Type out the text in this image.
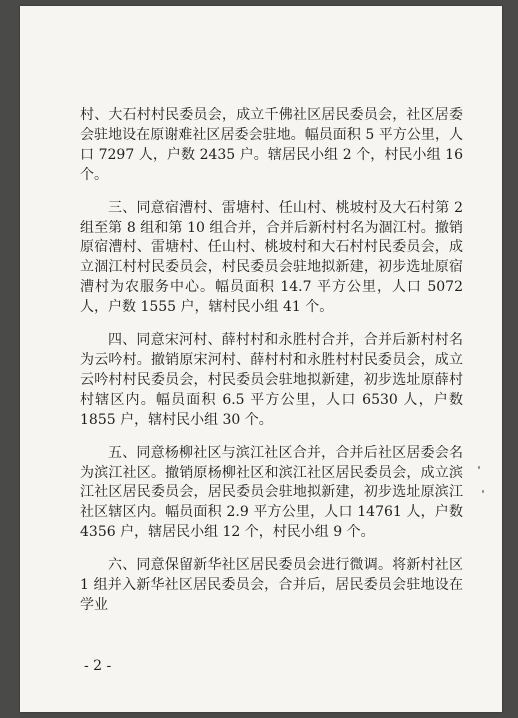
村、大石村村民委员会，成立千佛社区居民委员会，社区居委会驻地设在原谢难社区居委会驻地。幅员面积 5 平方公里，人口 7297 人，户数 2435 户。辖居民小组 2 个，村民小组 16 个。

三、同意宿漕村、雷塘村、任山村、桃坡村及大石村第 2 组至第 8 组和第 10 组合并，合并后新村村名为涸江村。撤销原宿漕村、雷塘村、任山村、桃坡村和大石村村民委员会，成立涸江村村民委员会，村民委员会驻地拟新建，初步选址原宿漕村为农服务中心。幅员面积 14.7 平方公里，人口 5072 人，户数 1555 户，辖村民小组 41 个。

四、同意宋河村、薛村村和永胜村合并，合并后新村村名为云吟村。撤销原宋河村、薛村村和永胜村村民委员会，成立云吟村村民委员会，村民委员会驻地拟新建，初步选址原薛村村辖区内。幅员面积 6.5 平方公里，人口 6530 人，户数 1855 户，辖村民小组 30 个。

五、同意杨柳社区与滨江社区合并，合并后社区居委会名为滨江社区。撤销原杨柳社区和滨江社区居民委员会，成立滨江社区居民委员会，居民委员会驻地拟新建，初步选址原滨江社区辖区内。幅员面积 2.9 平方公里，人口 14761 人，户数 4356 户，辖居民小组 12 个，村民小组 9 个。

六、同意保留新华社区居民委员会进行微调。将新村社区 1 组并入新华社区居民委员会，合并后，居民委员会驻地设在学业

- 2 -
